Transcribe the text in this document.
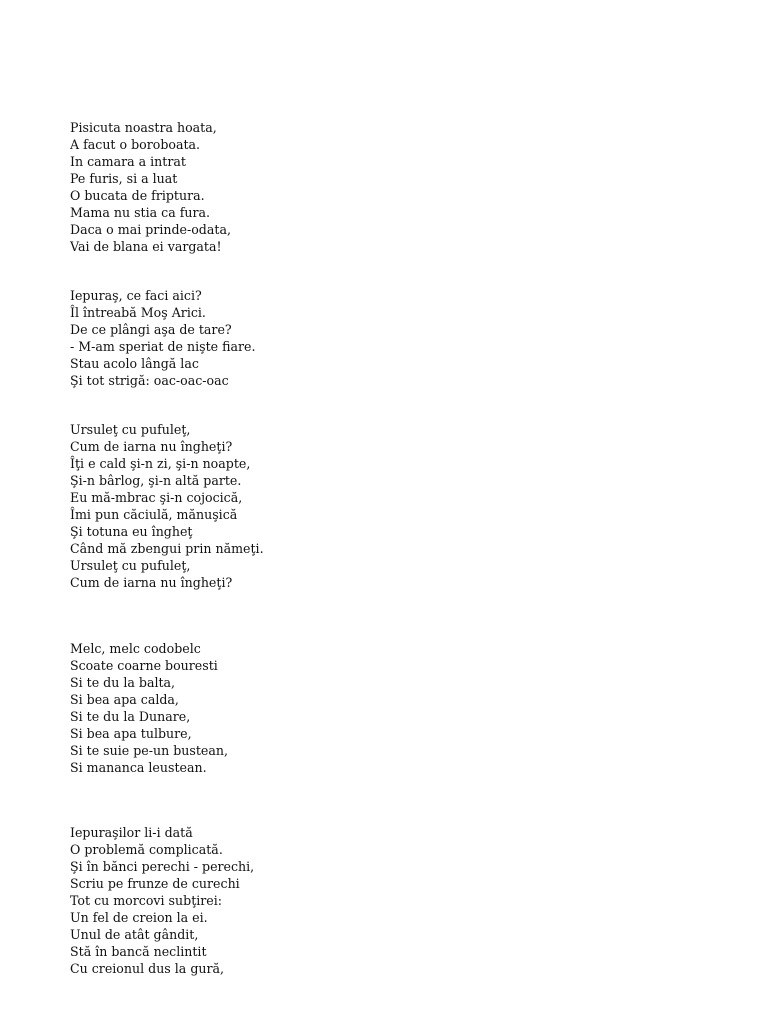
Pisicuta noastra hoata,
A facut o boroboata.
In camara a intrat
Pe furis, si a luat
O bucata de friptura.
Mama nu stia ca fura.
Daca o mai prinde-odata,
Vai de blana ei vargata!
Iepuraş, ce faci aici?
Îl întreabă Moş Arici.
De ce plângi aşa de tare?
- M-am speriat de nişte fiare.
Stau acolo lângă lac
Şi tot strigă: oac-oac-oac
Ursuleţ cu pufuleţ,
Cum de iarna nu îngheţi?
Îţi e cald şi-n zi, şi-n noapte,
Şi-n bârlog, şi-n altă parte.
Eu mă-mbrac şi-n cojocică,
Îmi pun căciulă, mănuşică
Şi totuna eu îngheţ
Când mă zbengui prin nămeţi.
Ursuleţ cu pufuleţ,
Cum de iarna nu îngheţi?
Melc, melc codobelc
Scoate coarne bouresti
Si te du la balta,
Si bea apa calda,
Si te du la Dunare,
Si bea apa tulbure,
Si te suie pe-un bustean,
Si mananca leustean.
Iepuraşilor li-i dată
O problemă complicată.
Şi în bănci perechi - perechi,
Scriu pe frunze de curechi
Tot cu morcovi subţirei:
Un fel de creion la ei.
Unul de atât gândit,
Stă în bancă neclintit
Cu creionul dus la gură,
